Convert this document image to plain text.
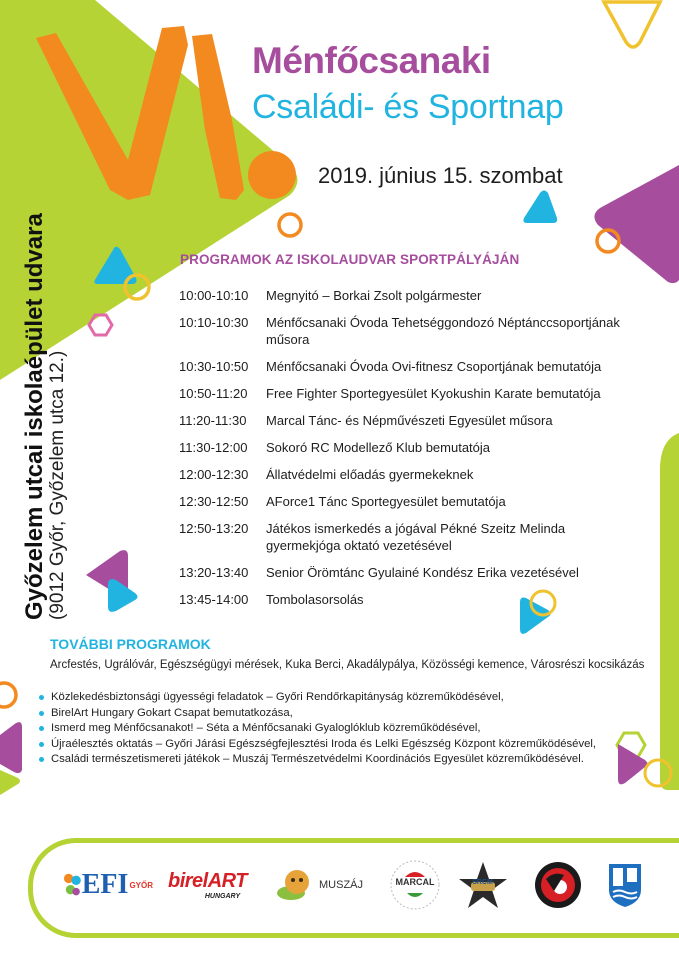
Ménfőcsanaki
Családi- és Sportnap
2019. június 15. szombat
Győzelem utcai iskolaépület udvara (9012 Győr, Győzelem utca 12.)
PROGRAMOK AZ ISKOLAUDVAR SPORTPÁLYÁJÁN
10:00-10:10	Megnyitó – Borkai Zsolt polgármester
10:10-10:30	Ménfőcsanaki Óvoda Tehetséggondozó Néptánccsoportjának műsora
10:30-10:50	Ménfőcsanaki Óvoda Ovi-fitnesz Csoportjának bemutatója
10:50-11:20	Free Fighter Sportegyesület Kyokushin Karate bemutatója
11:20-11:30	Marcal Tánc- és Népművészeti Egyesület műsora
11:30-12:00	Sokoró RC Modellező Klub bemutatója
12:00-12:30	Állatvédelmi előadás gyermekeknek
12:30-12:50	AForce1 Tánc Sportegyesület bemutatója
12:50-13:20	Játékos ismerkedés a jógával Pékné Szeitz Melinda gyermekjóga oktató vezetésével
13:20-13:40	Senior Örömtánc Gyulainé Kondész Erika vezetésével
13:45-14:00	Tombolasorsolás
TOVÁBBI PROGRAMOK
Arcfestés, Ugrálóvár, Egészségügyi mérések, Kuka Berci, Akadálypálya, Közösségi kemence, Városrészi kocsikázás
Közlekedésbiztonsági ügyességi feladatok – Győri Rendőrkapitányság közreműködésével,
BirelArt Hungary Gokart Csapat bemutatkozása,
Ismerd meg Ménfőcsanakot! – Séta a Ménfőcsanaki Gyaloglóklub közreműködésével,
Újraélesztés oktatás – Győri Járási Egészségfejlesztési Iroda és Lelki Egészség Központ közreműködésével,
Családi természetismereti játékok – Muszáj Természetvédelmi Koordinációs Egyesület közreműködésével.
EFI GYŐR birelART
HUNGARY
MUSZÁJ	MARCAL	SRCM
